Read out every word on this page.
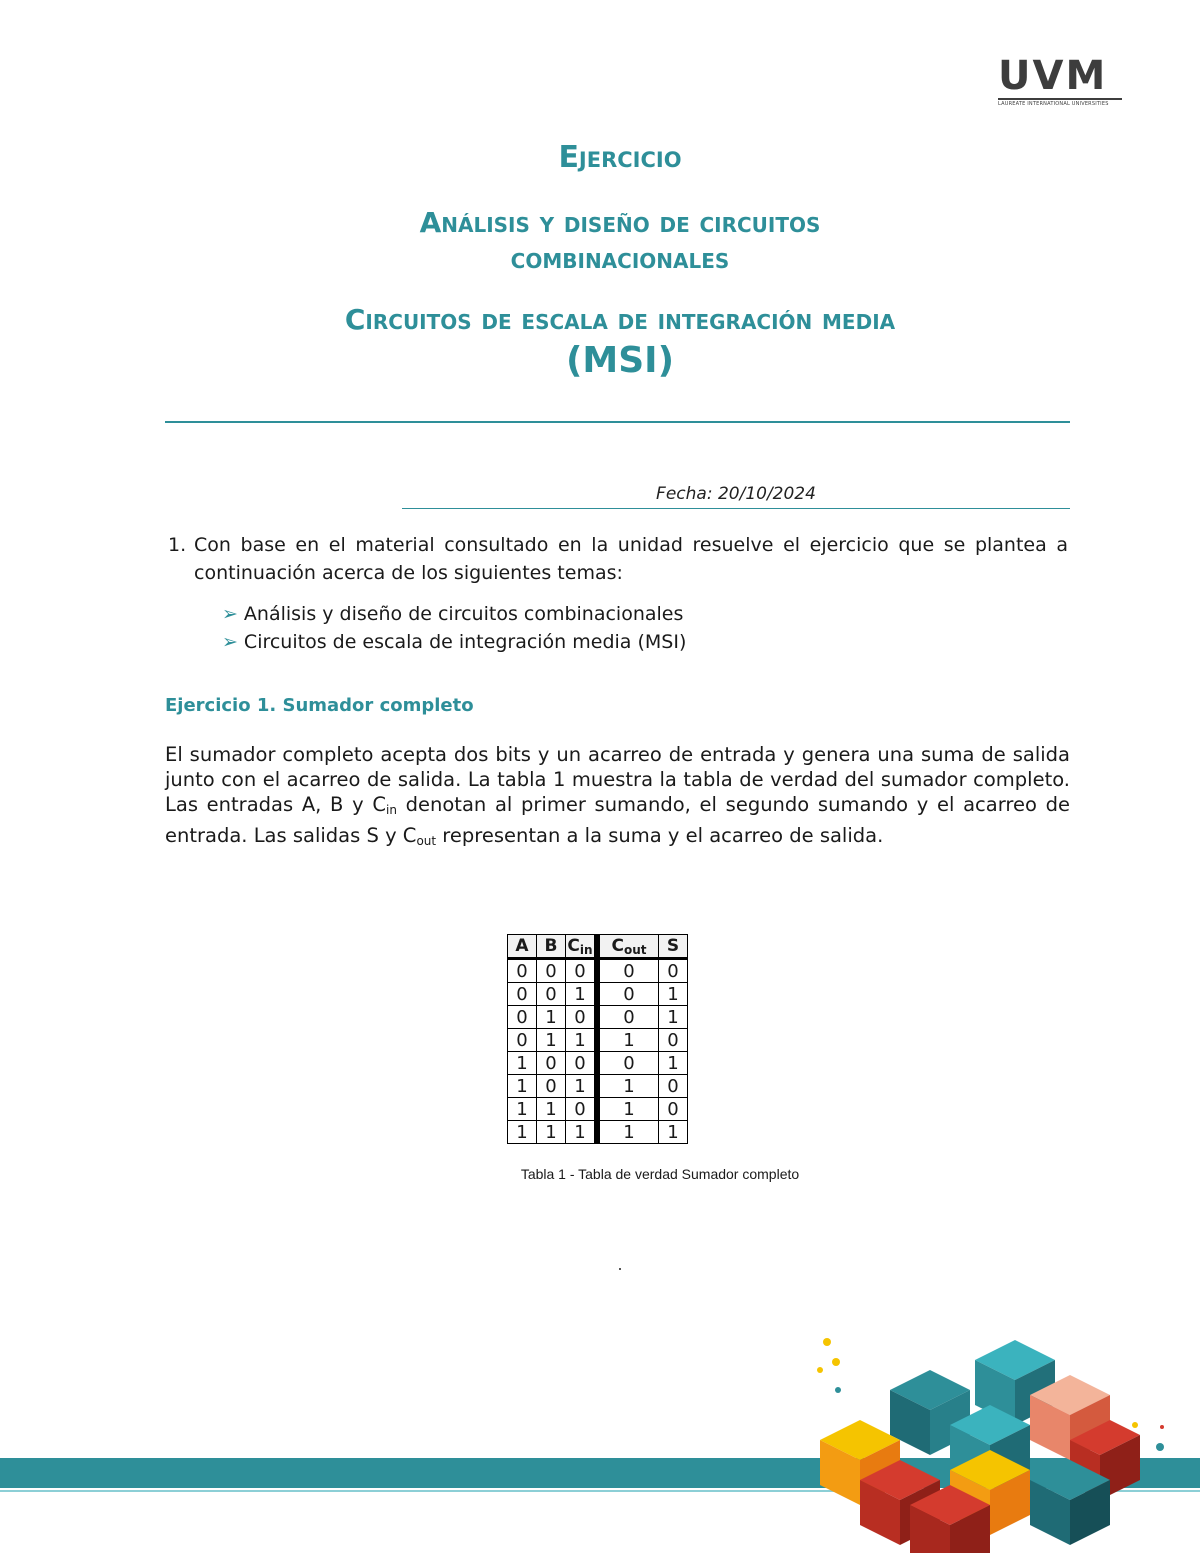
UVM
LAUREATE INTERNATIONAL UNIVERSITIES
Ejercicio
Análisis y diseño de circuitos
combinacionales
Circuitos de escala de integración media
(MSI)
Fecha: 20/10/2024
1. Con base en el material consultado en la unidad resuelve el ejercicio que se plantea a continuación acerca de los siguientes temas:
➢ Análisis y diseño de circuitos combinacionales
➢ Circuitos de escala de integración media (MSI)
Ejercicio 1. Sumador completo
El sumador completo acepta dos bits y un acarreo de entrada y genera una suma de salida junto con el acarreo de salida. La tabla 1 muestra la tabla de verdad del sumador completo. Las entradas A, B y $C_{in}$ denotan al primer sumando, el segundo sumando y el acarreo de entrada. Las salidas S y $C_{out}$ representan a la suma y el acarreo de salida.
A	B	$C_{in}$	$C_{out}$	S
0	0	0	0	0
0	0	1	0	1
0	1	0	0	1
0	1	1	1	0
1	0	0	0	1
1	0	1	1	0
1	1	0	1	0
1	1	1	1	1
Tabla 1 - Tabla de verdad Sumador completo
